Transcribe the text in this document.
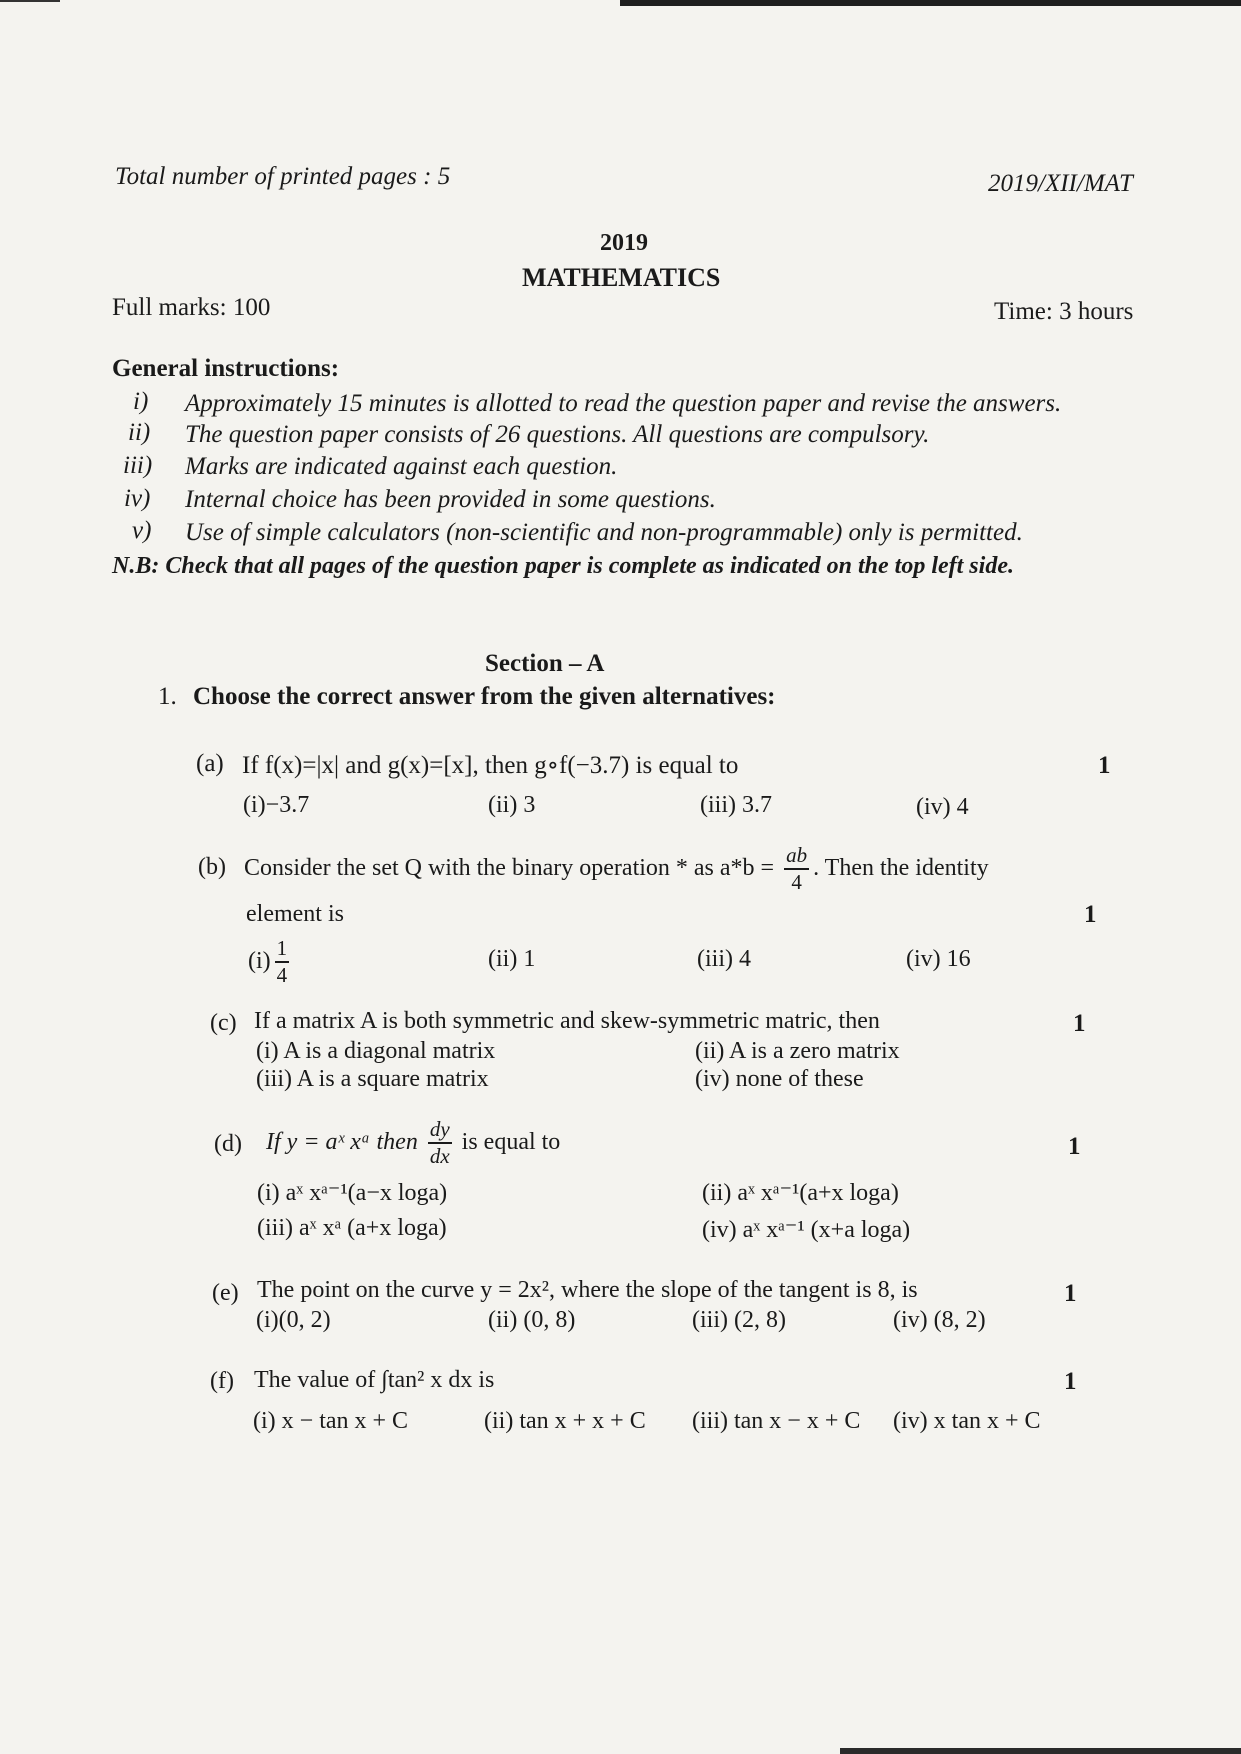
Total number of printed pages : 5	2019/XII/MAT
2019
MATHEMATICS
Full marks: 100	Time: 3 hours
General instructions:
i) Approximately 15 minutes is allotted to read the question paper and revise the answers.
ii) The question paper consists of 26 questions. All questions are compulsory.
iii) Marks are indicated against each question.
iv) Internal choice has been provided in some questions.
v) Use of simple calculators (non-scientific and non-programmable) only is permitted.
N.B: Check that all pages of the question paper is complete as indicated on the top left side.
Section – A
1. Choose the correct answer from the given alternatives:
(a) If f(x)=|x| and g(x)=[x], then g∘f(−3.7) is equal to	1
(i)−3.7	(ii) 3	(iii) 3.7	(iv) 4
(b) Consider the set Q with the binary operation * as $a*b = \frac{ab}{4}$ . Then the identity
element is	1
$(i) \frac{1}{4}$	(ii) 1	(iii) 4	(iv) 16
(c) If a matrix A is both symmetric and skew-symmetric matric, then	1
(i) A is a diagonal matrix	(ii) A is a zero matrix
(iii) A is a square matrix	(iv) none of these
(d) If y = aˣ xᵃ then $\frac{dy}{dx}$ is equal to	1
(i) aˣ xᵃ⁻¹(a−x loga)	(ii) aˣ xᵃ⁻¹(a+x loga)
(iii) aˣ xᵃ (a+x loga)	(iv) aˣ xᵃ⁻¹ (x+a loga)
(e) The point on the curve y = 2x², where the slope of the tangent is 8, is	1
(i)(0, 2)	(ii) (0, 8)	(iii) (2, 8)	(iv) (8, 2)
(f) The value of ∫tan² x dx is	1
(i) x − tan x + C	(ii) tan x + x + C (iii) tan x − x + C (iv) x tan x + C
